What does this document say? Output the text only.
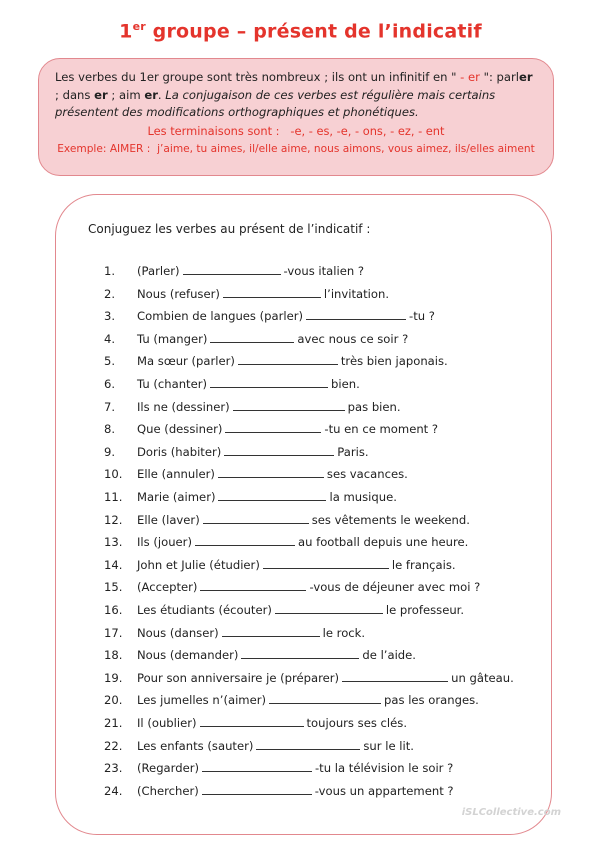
1er groupe – présent de l’indicatif

Les verbes du 1er groupe sont très nombreux ; ils ont un infinitif en " - er ": parler ; dans er ; aim er. La conjugaison de ces verbes est régulière mais certains présentent des modifications orthographiques et phonétiques.

Les terminaisons sont : -e, - es, -e, - ons, - ez, - ent
Exemple: AIMER : j’aime, tu aimes, il/elle aime, nous aimons, vous aimez, ils/elles aiment
Conjuguez les verbes au présent de l’indicatif :
1.	(Parler)	-vous italien ?
2.	Nous (refuser)	l’invitation.
3.	Combien de langues (parler)	-tu ?
4.	Tu (manger)	avec nous ce soir ?
5.	Ma sœur (parler)	très bien japonais.
6.	Tu (chanter)	bien.
7.	Ils ne (dessiner)	pas bien.
8.	Que (dessiner)	-tu en ce moment ?
9.	Doris (habiter)	Paris.
10.	Elle (annuler)	ses vacances.
11.	Marie (aimer)	la musique.
12.	Elle (laver)	ses vêtements le weekend.
13.	Ils (jouer)	au football depuis une heure.
14.	John et Julie (étudier)	le français.
15.	(Accepter)	-vous de déjeuner avec moi ?
16.	Les étudiants (écouter)	le professeur.
17.	Nous (danser)	le rock.
18.	Nous (demander)	de l’aide.
19.	Pour son anniversaire je (préparer)	un gâteau.
20.	Les jumelles n’(aimer)	pas les oranges.
21.	Il (oublier)	toujours ses clés.
22.	Les enfants (sauter)	sur le lit.
23.	(Regarder)	-tu la télévision le soir ?
24.	(Chercher)	-vous un appartement ?
iSLCollective.com
